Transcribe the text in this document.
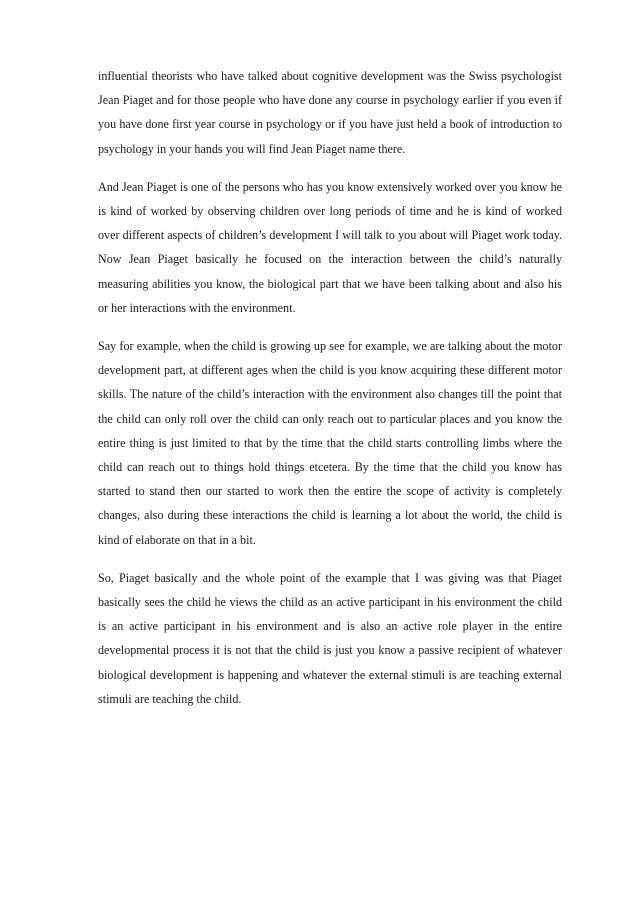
influential theorists who have talked about cognitive development was the Swiss psychologist Jean Piaget and for those people who have done any course in psychology earlier if you even if you have done first year course in psychology or if you have just held a book of introduction to psychology in your hands you will find Jean Piaget name there.

And Jean Piaget is one of the persons who has you know extensively worked over you know he is kind of worked by observing children over long periods of time and he is kind of worked over different aspects of children’s development I will talk to you about will Piaget work today. Now Jean Piaget basically he focused on the interaction between the child’s naturally measuring abilities you know, the biological part that we have been talking about and also his or her interactions with the environment.

Say for example, when the child is growing up see for example, we are talking about the motor development part, at different ages when the child is you know acquiring these different motor skills. The nature of the child’s interaction with the environment also changes till the point that the child can only roll over the child can only reach out to particular places and you know the entire thing is just limited to that by the time that the child starts controlling limbs where the child can reach out to things hold things etcetera. By the time that the child you know has started to stand then our started to work then the entire the scope of activity is completely changes, also during these interactions the child is learning a lot about the world, the child is kind of elaborate on that in a bit.

So, Piaget basically and the whole point of the example that I was giving was that Piaget basically sees the child he views the child as an active participant in his environment the child is an active participant in his environment and is also an active role player in the entire developmental process it is not that the child is just you know a passive recipient of whatever biological development is happening and whatever the external stimuli is are teaching external stimuli are teaching the child.
